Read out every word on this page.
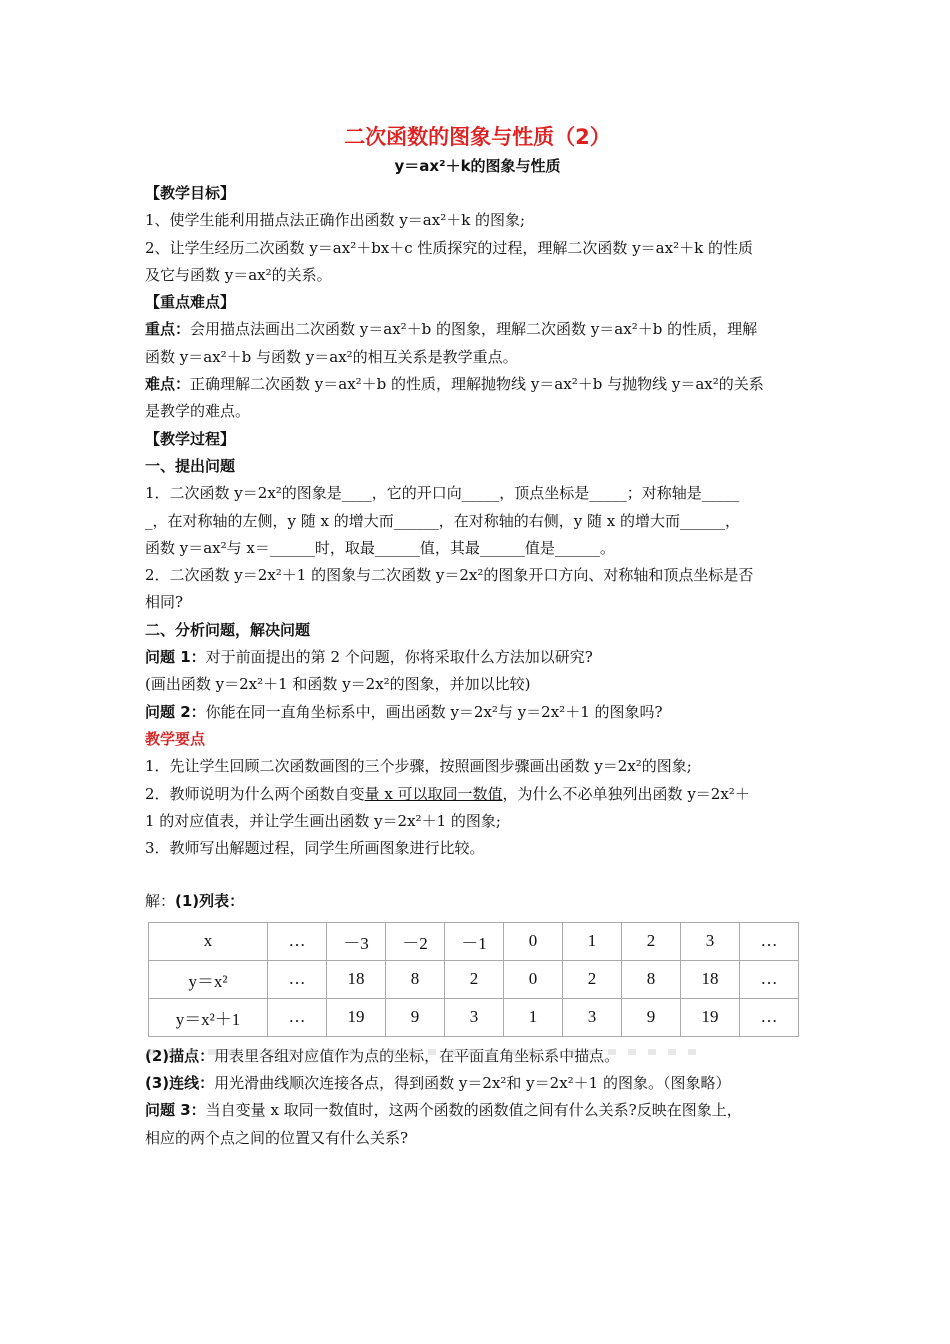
二次函数的图象与性质（2）
y＝ax²＋k的图象与性质
【教学目标】
1、使学生能利用描点法正确作出函数 y＝ax²＋k 的图象;
2、让学生经历二次函数 y＝ax²＋bx＋c 性质探究的过程，理解二次函数 y＝ax²＋k 的性质
及它与函数 y＝ax²的关系。
【重点难点】
重点：会用描点法画出二次函数 y＝ax²＋b 的图象，理解二次函数 y＝ax²＋b 的性质，理解
函数 y＝ax²＋b 与函数 y＝ax²的相互关系是教学重点。
难点：正确理解二次函数 y＝ax²＋b 的性质，理解抛物线 y＝ax²＋b 与抛物线 y＝ax²的关系
是教学的难点。
【教学过程】
一、提出问题
1．二次函数 y＝2x²的图象是____，它的开口向_____，顶点坐标是_____；对称轴是_____
_，在对称轴的左侧，y 随 x 的增大而______，在对称轴的右侧，y 随 x 的增大而______，
函数 y＝ax²与 x＝______时，取最______值，其最______值是______。
2．二次函数 y＝2x²＋1 的图象与二次函数 y＝2x²的图象开口方向、对称轴和顶点坐标是否
相同?
二、分析问题，解决问题
问题 1：对于前面提出的第 2 个问题，你将采取什么方法加以研究?
(画出函数 y＝2x²＋1 和函数 y＝2x²的图象，并加以比较)
问题 2：你能在同一直角坐标系中，画出函数 y＝2x²与 y＝2x²＋1 的图象吗?
教学要点
1．先让学生回顾二次函数画图的三个步骤，按照画图步骤画出函数 y＝2x²的图象;
2．教师说明为什么两个函数自变量 x 可以取同一数值，为什么不必单独列出函数 y＝2x²＋
1 的对应值表，并让学生画出函数 y＝2x²＋1 的图象;
3．教师写出解题过程，同学生所画图象进行比较。
解：(1)列表：
x	…	－3	－2	－1	0	1	2	3	…
y＝x²	…	18	8	2	0	2	8	18	…
y＝x²＋1	…	19	9	3	1	3	9	19	…
(2)描点：用表里各组对应值作为点的坐标，在平面直角坐标系中描点。
(3)连线：用光滑曲线顺次连接各点，得到函数 y＝2x²和 y＝2x²＋1 的图象。（图象略）
问题 3：当自变量 x 取同一数值时，这两个函数的函数值之间有什么关系?反映在图象上，
相应的两个点之间的位置又有什么关系?
